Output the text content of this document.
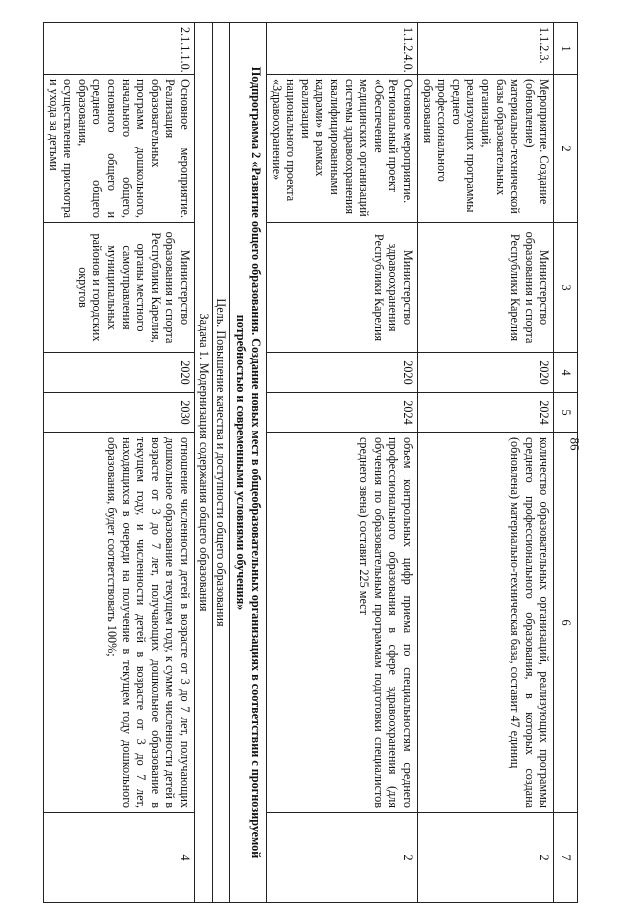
86
1	2	3	4	5	6	7
1.1.2.3.	Мероприятие. Создание (обновление) материально-технической базы образовательных организаций, реализующих программы среднего профессионального образования	Министерство образования и спорта Республики Карелия	2020	2024	количество образовательных организаций, реализующих программы среднего профессионального образования, в которых создана (обновлена) материально-техническая база, составит 47 единиц	2
1.1.2.4.0.	Основное мероприятие. Региональный проект «Обеспечение медицинских организаций системы здравоохранения квалифицированными кадрами» в рамках реализации национального проекта «Здравоохранение»	Министерство здравоохранения Республики Карелия	2020	2024	объем контрольных цифр приема по специальностям среднего профессионального образования в сфере здравоохранения (для обучения по образовательным программам подготовки специалистов среднего звена) составит 225 мест	2
Подпрограмма 2 «Развитие общего образования. Создание новых мест в общеобразовательных организациях в соответствии с прогнозируемой потребностью и современными условиями обучения»						
Цель. Повышение качества и доступности общего образования						
Задача 1. Модернизация содержания общего образования						
2.1.1.1.0.	Основное мероприятие. Реализация образовательных программ дошкольного, начального общего, основного общего и среднего общего образования, осуществление присмотра и ухода за детьми	Министерство образования и спорта Республики Карелия, органы местного самоуправления муниципальных районов и городских округов	2020	2030	отношение численности детей в возрасте от 3 до 7 лет, получающих дошкольное образование в текущем году, к сумме численности детей в возрасте от 3 до 7 лет, получающих дошкольное образование в текущем году, и численности детей в возрасте от 3 до 7 лет, находящихся в очереди на получение в текущем году дошкольного образования, будет соответствовать 100%;	4
